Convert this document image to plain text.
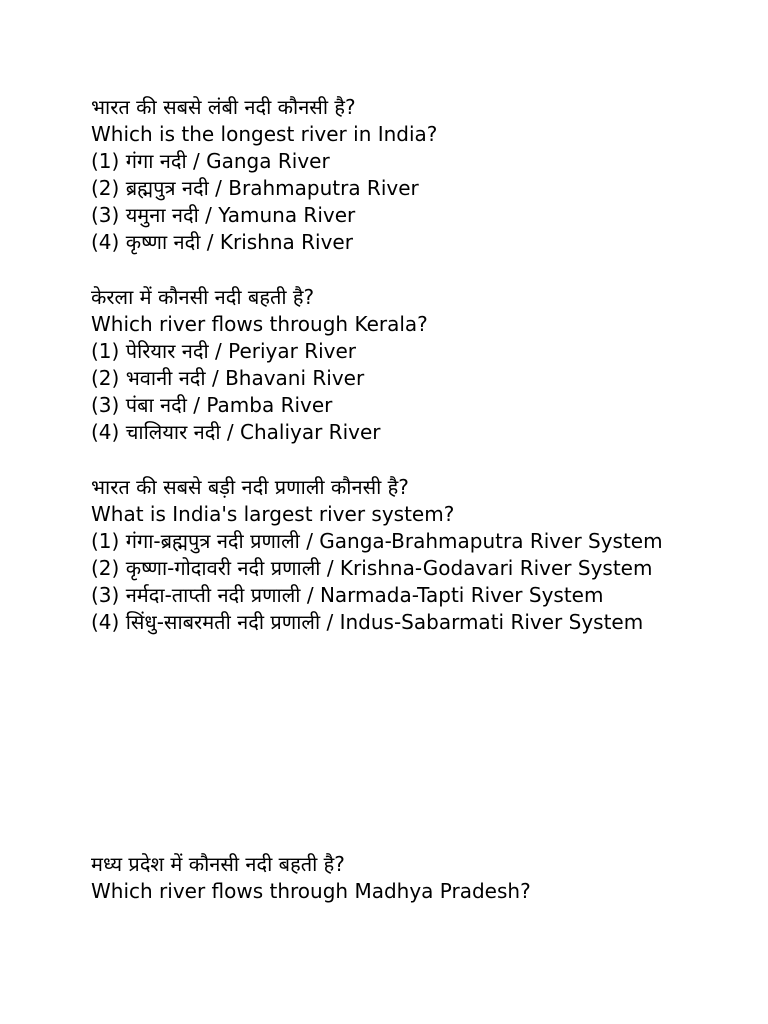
भारत की सबसे लंबी नदी कौनसी है?

Which is the longest river in India?

(1) गंगा नदी / Ganga River

(2) ब्रह्मपुत्र नदी / Brahmaputra River

(3) यमुना नदी / Yamuna River

(4) कृष्णा नदी / Krishna River

केरला में कौनसी नदी बहती है?

Which river flows through Kerala?

(1) पेरियार नदी / Periyar River

(2) भवानी नदी / Bhavani River

(3) पंबा नदी / Pamba River

(4) चालियार नदी / Chaliyar River

भारत की सबसे बड़ी नदी प्रणाली कौनसी है?

What is India's largest river system?

(1) गंगा-ब्रह्मपुत्र नदी प्रणाली / Ganga-Brahmaputra River System

(2) कृष्णा-गोदावरी नदी प्रणाली / Krishna-Godavari River System

(3) नर्मदा-ताप्ती नदी प्रणाली / Narmada-Tapti River System

(4) सिंधु-साबरमती नदी प्रणाली / Indus-Sabarmati River System

मध्य प्रदेश में कौनसी नदी बहती है?

Which river flows through Madhya Pradesh?
